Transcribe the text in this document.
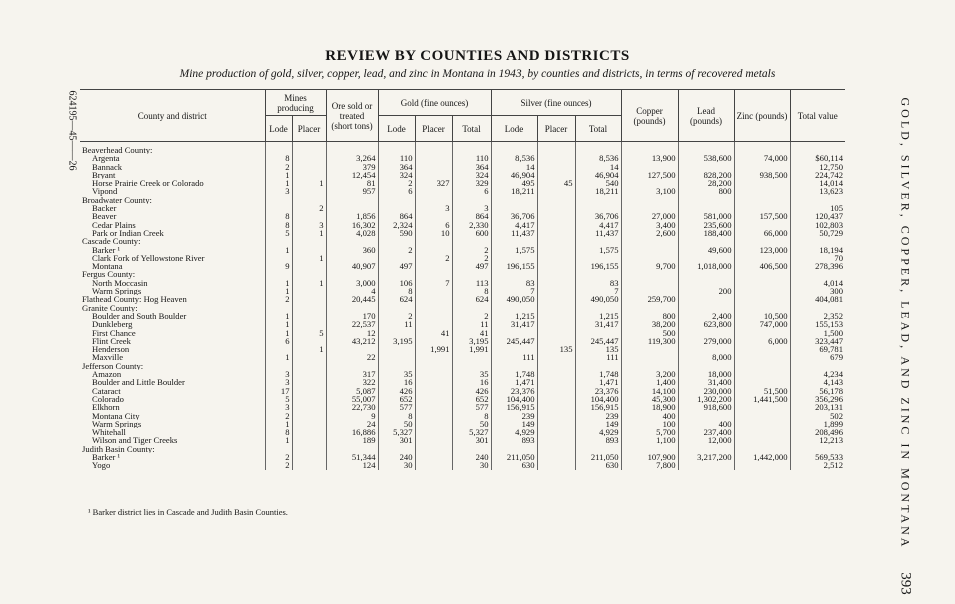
624195—45——26
REVIEW BY COUNTIES AND DISTRICTS
Mine production of gold, silver, copper, lead, and zinc in Montana in 1943, by counties and districts, in terms of recovered metals
County and district	Mines producing		Ore sold or treated (short tons)	Gold (fine ounces)			Silver (fine ounces)			Copper (pounds)	Lead (pounds)	Zinc (pounds)	Total value
	Lode	Placer		Lode	Placer	Total	Lode	Placer	Total				
Beaverhead County:													
Argenta	8		3,264	110		110	8,536		8,536	13,900	538,600	74,000	$60,114
Bannack	2		379	364		364	14		14				12,750
Bryant	1		12,454	324		324	46,904		46,904	127,500	828,200	938,500	224,742
Horse Prairie Creek or Colorado	1	1	81	2	327	329	495	45	540		28,200		14,014
Vipond	3		957	6		6	18,211		18,211	3,100	800		13,623
Broadwater County:													
Backer		2			3	3							105
Beaver	8		1,856	864		864	36,706		36,706	27,000	581,000	157,500	120,437
Cedar Plains	8	3	16,302	2,324	6	2,330	4,417		4,417	3,400	235,600		102,803
Park or Indian Creek	5	1	4,028	590	10	600	11,437		11,437	2,600	188,400	66,000	50,729
Cascade County:													
Barker ¹	1		360	2		2	1,575		1,575		49,600	123,000	18,194
Clark Fork of Yellowstone River		1			2	2							70
Montana	9		40,907	497		497	196,155		196,155	9,700	1,018,000	406,500	278,396
Fergus County:													
North Moccasin	1	1	3,000	106	7	113	83		83				4,014
Warm Springs	1		4	8		8	7		7		200		300
Flathead County: Hog Heaven	2		20,445	624		624	490,050		490,050	259,700			404,081
Granite County:													
Boulder and South Boulder	1		170	2		2	1,215		1,215	800	2,400	10,500	2,352
Dunkleberg	1		22,537	11		11	31,417		31,417	38,200	623,800	747,000	155,153
First Chance	1	5	12		41	41				500			1,500
Flint Creek	6		43,212	3,195		3,195	245,447		245,447	119,300	279,000	6,000	323,447
Henderson		1			1,991	1,991		135	135				69,781
Maxville	1		22				111		111		8,000		679
Jefferson County:													
Amazon	3		317	35		35	1,748		1,748	3,200	18,000		4,234
Boulder and Little Boulder	3		322	16		16	1,471		1,471	1,400	31,400		4,143
Cataract	17		5,087	426		426	23,376		23,376	14,100	230,000	51,500	56,178
Colorado	5		55,007	652		652	104,400		104,400	45,300	1,302,200	1,441,500	356,296
Elkhorn	3		22,730	577		577	156,915		156,915	18,900	918,600		203,131
Montana City	2		9	8		8	239		239	400			502
Warm Springs	1		24	50		50	149		149	100	400		1,899
Whitehall	8		16,886	5,327		5,327	4,929		4,929	5,700	237,400		208,496
Wilson and Tiger Creeks	1		189	301		301	893		893	1,100	12,000		12,213
Judith Basin County:													
Barker ¹	2		51,344	240		240	211,050		211,050	107,900	3,217,200	1,442,000	569,533
Yogo	2		124	30		30	630		630	7,800			2,512	GOLD, SILVER, COPPER, LEAD, AND ZINC IN MONTANA
393
¹ Barker district lies in Cascade and Judith Basin Counties.
